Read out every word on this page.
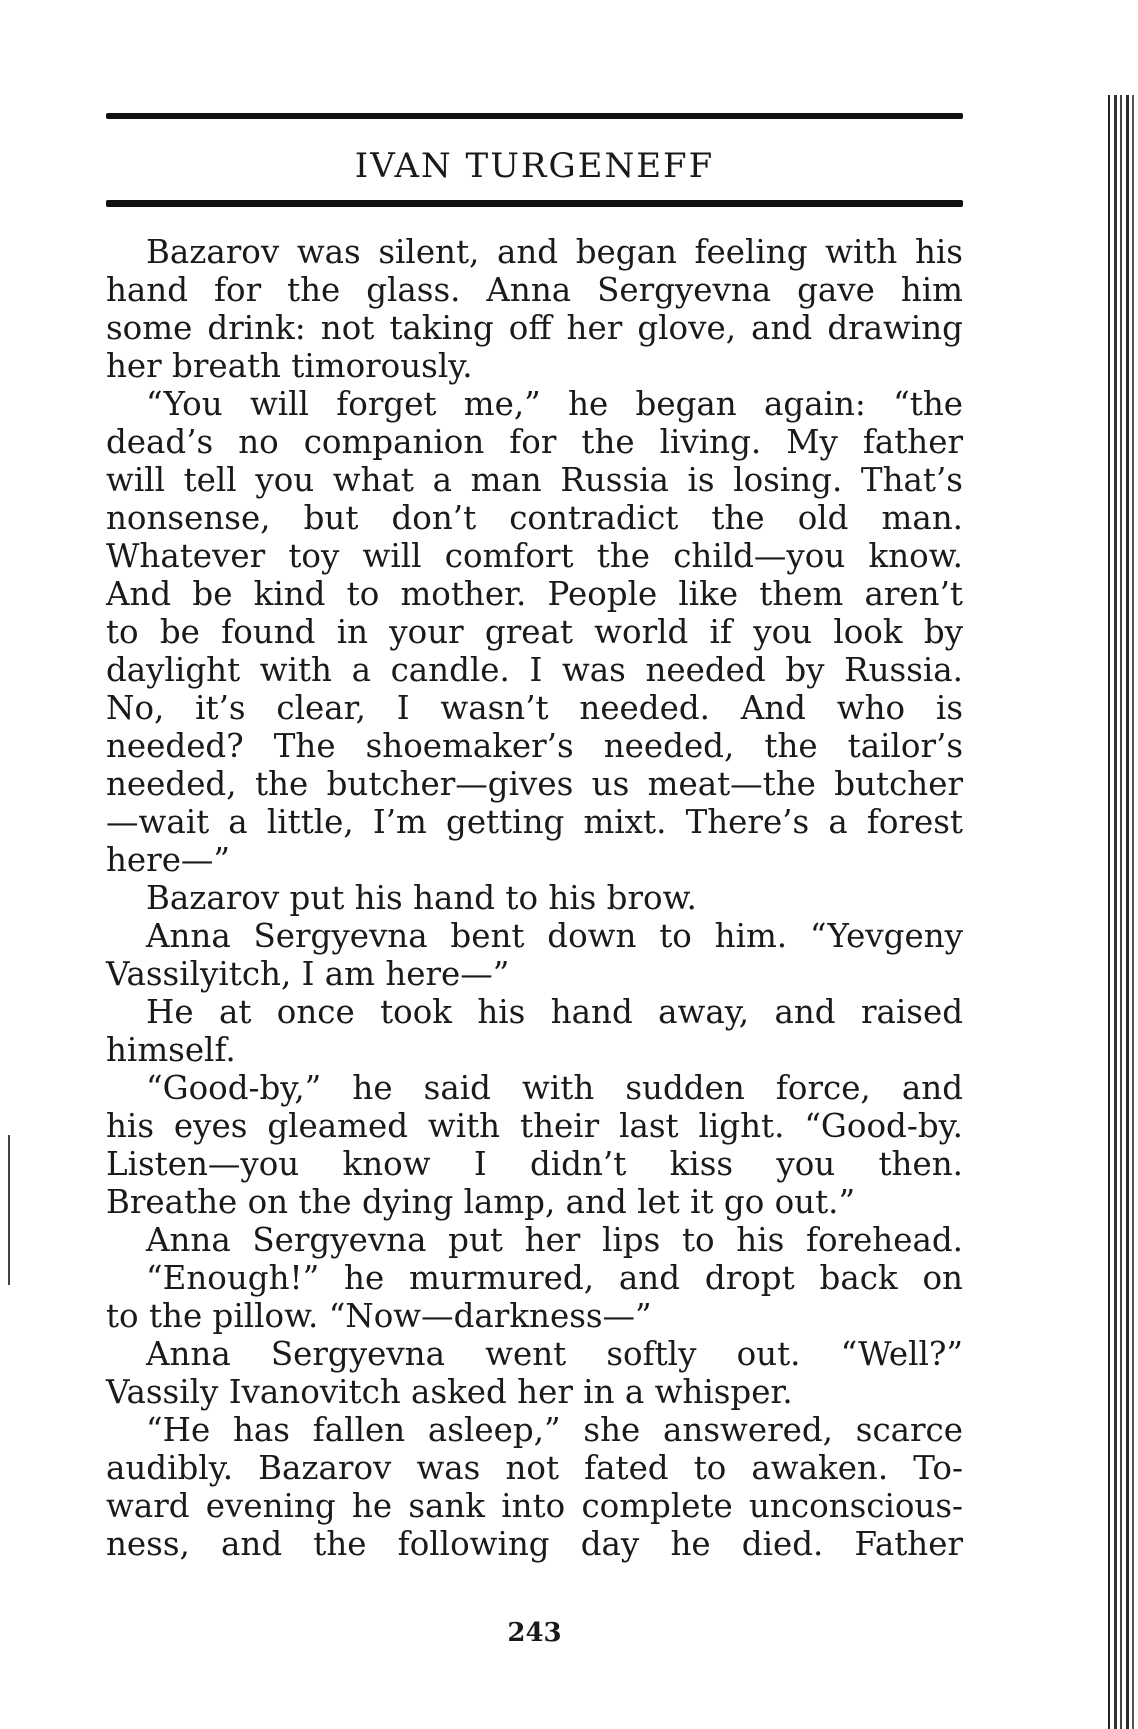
IVAN TURGENEFF
Bazarov was silent, and began feeling with his
hand for the glass. Anna Sergyevna gave him
some drink: not taking off her glove, and drawing
her breath timorously.
“You will forget me,” he began again: “the
dead’s no companion for the living. My father
will tell you what a man Russia is losing. That’s
nonsense, but don’t contradict the old man.
Whatever toy will comfort the child—you know.
And be kind to mother. People like them aren’t
to be found in your great world if you look by
daylight with a candle. I was needed by Russia.
No, it’s clear, I wasn’t needed. And who is
needed? The shoemaker’s needed, the tailor’s
needed, the butcher—gives us meat—the butcher
—wait a little, I’m getting mixt. There’s a forest
here—”
Bazarov put his hand to his brow.
Anna Sergyevna bent down to him. “Yevgeny
Vassilyitch, I am here—”
He at once took his hand away, and raised
himself.
“Good-by,” he said with sudden force, and
his eyes gleamed with their last light. “Good-by.
Listen—you know I didn’t kiss you then.
Breathe on the dying lamp, and let it go out.”
Anna Sergyevna put her lips to his forehead.
“Enough!” he murmured, and dropt back on
to the pillow. “Now—darkness—”
Anna Sergyevna went softly out. “Well?”
Vassily Ivanovitch asked her in a whisper.
“He has fallen asleep,” she answered, scarce
audibly. Bazarov was not fated to awaken. To-
ward evening he sank into complete unconscious-
ness, and the following day he died. Father
243
